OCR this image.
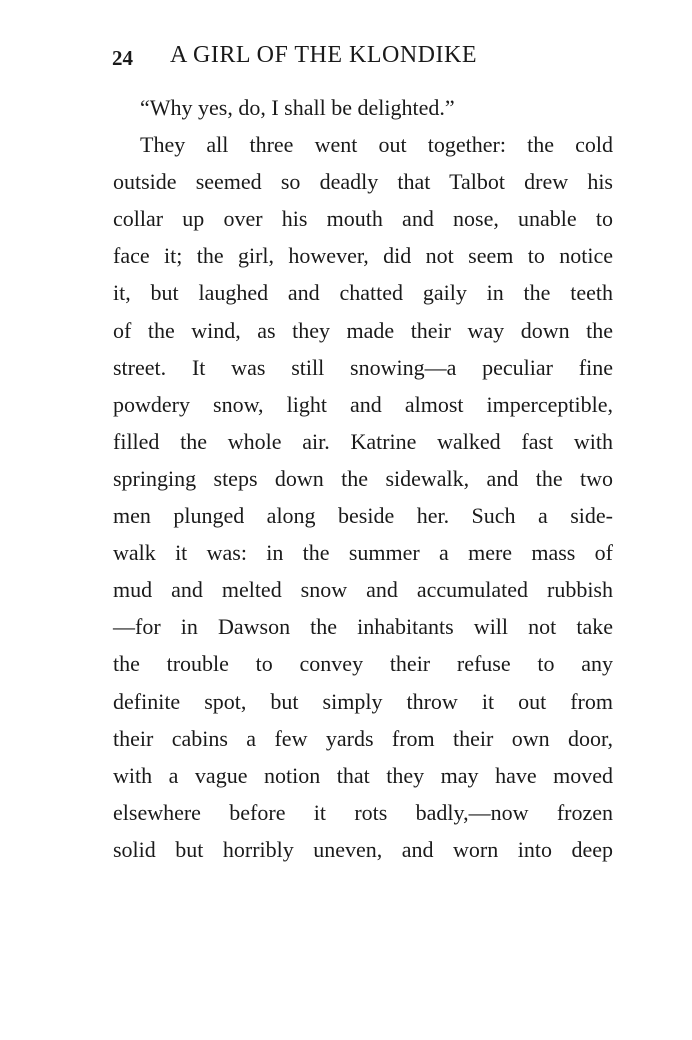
24 A GIRL OF THE KLONDIKE
“Why yes, do, I shall be delighted.”
They all three went out together: the cold
outside seemed so deadly that Talbot drew his
collar up over his mouth and nose, unable to
face it; the girl, however, did not seem to notice
it, but laughed and chatted gaily in the teeth
of the wind, as they made their way down the
street. It was still snowing—a peculiar fine
powdery snow, light and almost imperceptible,
filled the whole air. Katrine walked fast with
springing steps down the sidewalk, and the two
men plunged along beside her. Such a side-
walk it was: in the summer a mere mass of
mud and melted snow and accumulated rubbish
—for in Dawson the inhabitants will not take
the trouble to convey their refuse to any
definite spot, but simply throw it out from
their cabins a few yards from their own door,
with a vague notion that they may have moved
elsewhere before it rots badly,—now frozen
solid but horribly uneven, and worn into deep
